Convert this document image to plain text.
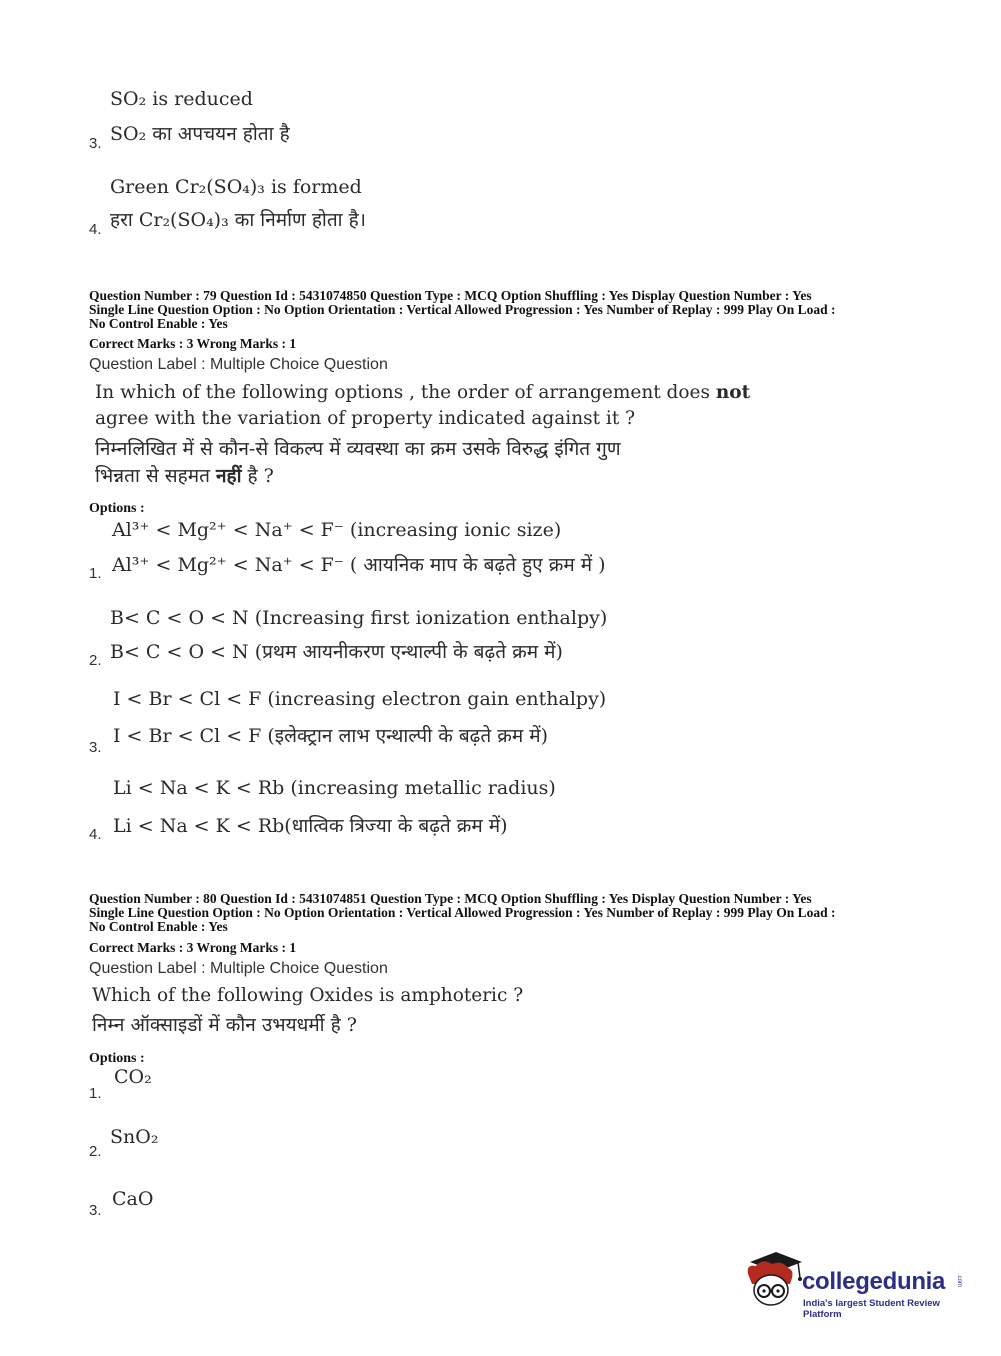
SO₂ is reduced
SO₂ का अपचयन होता है
3.
Green Cr₂(SO₄)₃ is formed
हरा Cr₂(SO₄)₃ का निर्माण होता है।
4.
Question Number : 79 Question Id : 5431074850 Question Type : MCQ Option Shuffling : Yes Display Question Number : Yes
Single Line Question Option : No Option Orientation : Vertical Allowed Progression : Yes Number of Replay : 999 Play On Load :
No Control Enable : Yes
Correct Marks : 3 Wrong Marks : 1
Question Label : Multiple Choice Question
In which of the following options , the order of arrangement does not
agree with the variation of property indicated against it ?
निम्नलिखित में से कौन-से विकल्प में व्यवस्था का क्रम उसके विरुद्ध इंगित गुण
भिन्नता से सहमत नहीं है ?
Options :
Al³⁺ < Mg²⁺ < Na⁺ < F⁻ (increasing ionic size)
Al³⁺ < Mg²⁺ < Na⁺ < F⁻ ( आयनिक माप के बढ़ते हुए क्रम में )
1.
B< C < O < N (Increasing first ionization enthalpy)
B< C < O < N (प्रथम आयनीकरण एन्थाल्पी के बढ़ते क्रम में)
2.
I < Br < Cl < F (increasing electron gain enthalpy)
I < Br < Cl < F (इलेक्ट्रान लाभ एन्थाल्पी के बढ़ते क्रम में)
3.
Li < Na < K < Rb (increasing metallic radius)
Li < Na < K < Rb(धात्विक त्रिज्या के बढ़ते क्रम में)
4.
Question Number : 80 Question Id : 5431074851 Question Type : MCQ Option Shuffling : Yes Display Question Number : Yes
Single Line Question Option : No Option Orientation : Vertical Allowed Progression : Yes Number of Replay : 999 Play On Load :
No Control Enable : Yes
Correct Marks : 3 Wrong Marks : 1
Question Label : Multiple Choice Question
Which of the following Oxides is amphoteric ?
निम्न ऑक्साइडों में कौन उभयधर्मी है ?
Options :
CO₂
1.
SnO₂
2.
CaO
3.
collegedunia .com
India's largest Student Review Platform
